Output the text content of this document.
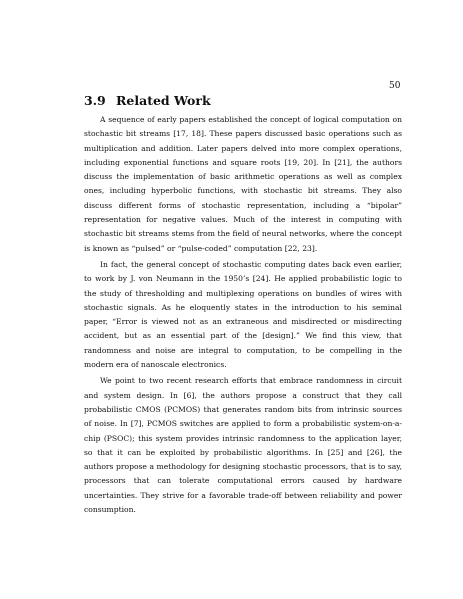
50
3.9 Related Work

A sequence of early papers established the concept of logical computation on stochastic bit streams [17, 18]. These papers discussed basic operations such as multiplication and addition. Later papers delved into more complex operations, including exponential functions and square roots [19, 20]. In [21], the authors discuss the implementation of basic arithmetic operations as well as complex ones, including hyperbolic functions, with stochastic bit streams. They also discuss different forms of stochastic representation, including a “bipolar” representation for negative values. Much of the interest in computing with stochastic bit streams stems from the field of neural networks, where the concept is known as “pulsed” or “pulse-coded” computation [22, 23].

In fact, the general concept of stochastic computing dates back even earlier, to work by J. von Neumann in the 1950’s [24]. He applied probabilistic logic to the study of thresholding and multiplexing operations on bundles of wires with stochastic signals. As he eloquently states in the introduction to his seminal paper, “Error is viewed not as an extraneous and misdirected or misdirecting accident, but as an essential part of the [design].” We find this view, that randomness and noise are integral to computation, to be compelling in the modern era of nanoscale electronics.

We point to two recent research efforts that embrace randomness in circuit and system design. In [6], the authors propose a construct that they call probabilistic CMOS (PCMOS) that generates random bits from intrinsic sources of noise. In [7], PCMOS switches are applied to form a probabilistic system-on-a-chip (PSOC); this system provides intrinsic randomness to the application layer, so that it can be exploited by probabilistic algorithms. In [25] and [26], the authors propose a methodology for designing stochastic processors, that is to say, processors that can tolerate computational errors caused by hardware uncertainties. They strive for a favorable trade-off between reliability and power consumption.
